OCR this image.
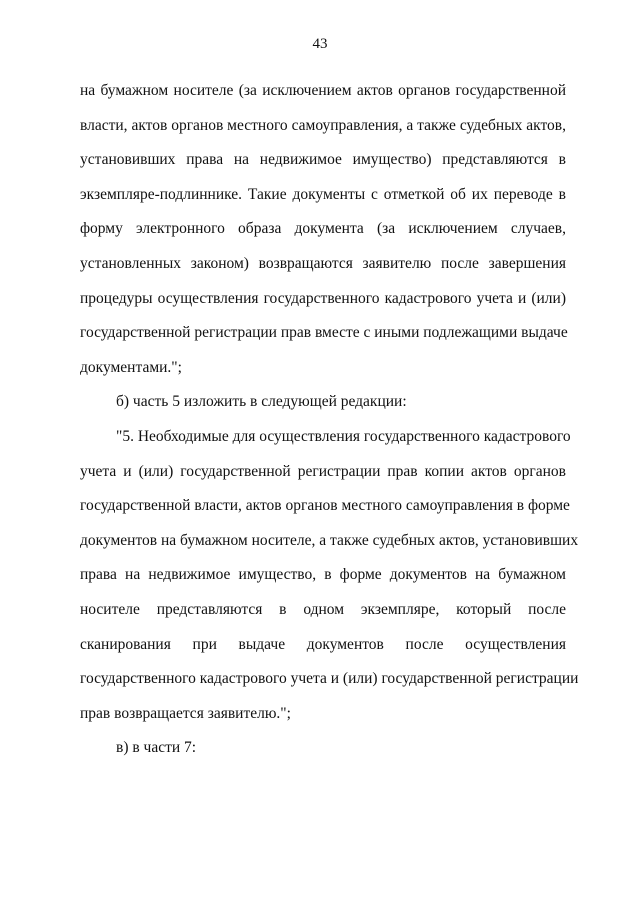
43
на бумажном носителе (за исключением актов органов государственной
власти, актов органов местного самоуправления, а также судебных актов,
установивших права на недвижимое имущество) представляются в
экземпляре-подлиннике. Такие документы с отметкой об их переводе в
форму электронного образа документа (за исключением случаев,
установленных законом) возвращаются заявителю после завершения
процедуры осуществления государственного кадастрового учета и (или)
государственной регистрации прав вместе с иными подлежащими выдаче
документами.";
б) часть 5 изложить в следующей редакции:
"5. Необходимые для осуществления государственного кадастрового
учета и (или) государственной регистрации прав копии актов органов
государственной власти, актов органов местного самоуправления в форме
документов на бумажном носителе, а также судебных актов, установивших
права на недвижимое имущество, в форме документов на бумажном
носителе представляются в одном экземпляре, который после
сканирования при выдаче документов после осуществления
государственного кадастрового учета и (или) государственной регистрации
прав возвращается заявителю.";
в) в части 7:
